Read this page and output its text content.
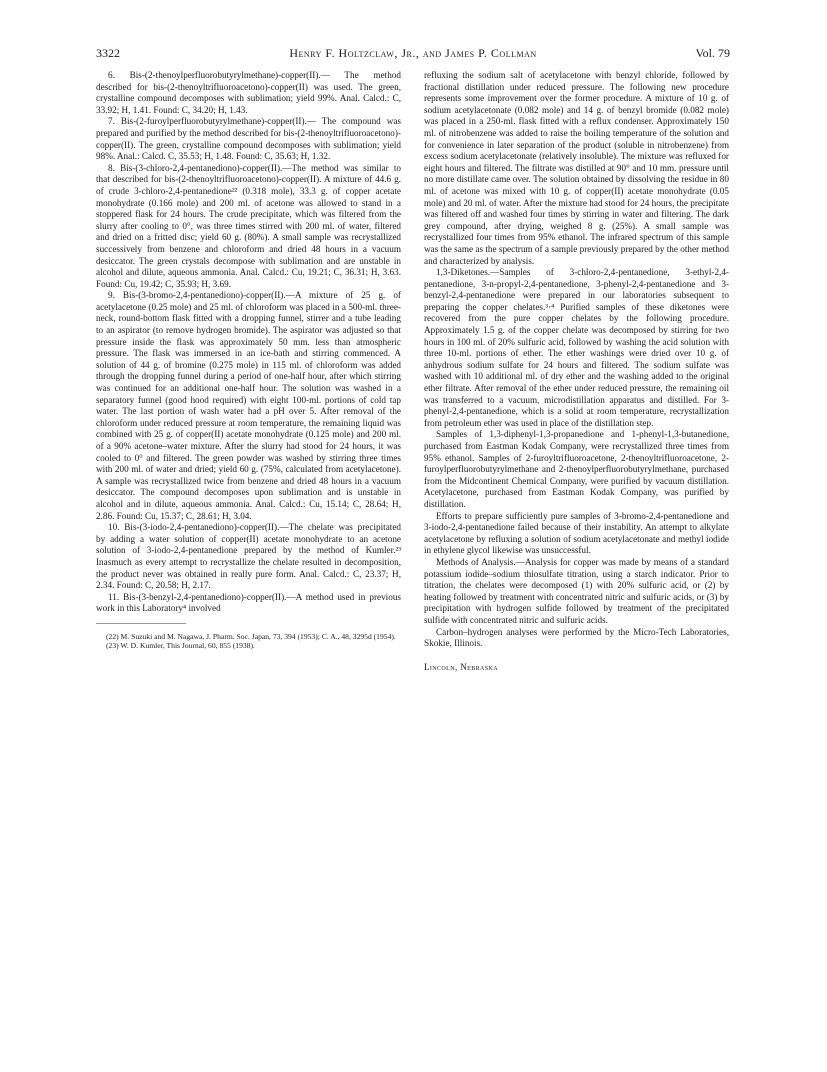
3322	Henry F. Holtzclaw, Jr., and James P. Collman	Vol. 79

6. Bis-(2-thenoylperfluorobutyrylmethane)-copper(II).— The method described for bis-(2-thenoyltrifluoroacetono)-copper(II) was used. The green, crystalline compound decomposes with sublimation; yield 99%. Anal. Calcd.: C, 33.92; H, 1.41. Found: C, 34.20; H, 1.43.

7. Bis-(2-furoylperfluorobutyrylmethane)-copper(II).— The compound was prepared and purified by the method described for bis-(2-thenoyltrifluoroacetono)-copper(II). The green, crystalline compound decomposes with sublimation; yield 98%. Anal.: Calcd. C, 35.53; H, 1.48. Found: C, 35.63; H, 1.32.

8. Bis-(3-chloro-2,4-pentanediono)-copper(II).—The method was similar to that described for bis-(2-thenoyltrifluoroacetono)-copper(II). A mixture of 44.6 g. of crude 3-chloro-2,4-pentanedione²² (0.318 mole), 33.3 g. of copper acetate monohydrate (0.166 mole) and 200 ml. of acetone was allowed to stand in a stoppered flask for 24 hours. The crude precipitate, which was filtered from the slurry after cooling to 0°, was three times stirred with 200 ml. of water, filtered and dried on a fritted disc; yield 60 g. (80%). A small sample was recrystallized successively from benzene and chloroform and dried 48 hours in a vacuum desiccator. The green crystals decompose with sublimation and are unstable in alcohol and dilute, aqueous ammonia. Anal. Calcd.: Cu, 19.21; C, 36.31; H, 3.63. Found: Cu, 19.42; C, 35.93; H, 3.69.

9. Bis-(3-bromo-2,4-pentanediono)-copper(II).—A mixture of 25 g. of acetylacetone (0.25 mole) and 25 ml. of chloroform was placed in a 500-ml. three-neck, round-bottom flask fitted with a dropping funnel, stirrer and a tube leading to an aspirator (to remove hydrogen bromide). The aspirator was adjusted so that pressure inside the flask was approximately 50 mm. less than atmospheric pressure. The flask was immersed in an ice-bath and stirring commenced. A solution of 44 g. of bromine (0.275 mole) in 115 ml. of chloroform was added through the dropping funnel during a period of one-half hour, after which stirring was continued for an additional one-half hour. The solution was washed in a separatory funnel (good hood required) with eight 100-ml. portions of cold tap water. The last portion of wash water had a pH over 5. After removal of the chloroform under reduced pressure at room temperature, the remaining liquid was combined with 25 g. of copper(II) acetate monohydrate (0.125 mole) and 200 ml. of a 90% acetone–water mixture. After the slurry had stood for 24 hours, it was cooled to 0° and filtered. The green powder was washed by stirring three times with 200 ml. of water and dried; yield 60 g. (75%, calculated from acetylacetone). A sample was recrystallized twice from benzene and dried 48 hours in a vacuum desiccator. The compound decomposes upon sublimation and is unstable in alcohol and in dilute, aqueous ammonia. Anal. Calcd.: Cu, 15.14; C, 28.64; H, 2.86. Found: Cu, 15.37; C, 28.61; H, 3.04.

10. Bis-(3-iodo-2,4-pentanediono)-copper(II).—The chelate was precipitated by adding a water solution of copper(II) acetate monohydrate to an acetone solution of 3-iodo-2,4-pentanedione prepared by the method of Kumler.²³ Inasmuch as every attempt to recrystallize the chelate resulted in decomposition, the product never was obtained in really pure form. Anal. Calcd.: C, 23.37; H, 2.34. Found: C, 20.58; H, 2.17.

11. Bis-(3-benzyl-2,4-pentanediono)-copper(II).—A method used in previous work in this Laboratory⁴ involved

(22) M. Suzuki and M. Nagawa, J. Pharm. Soc. Japan, 73, 394 (1953); C. A., 48, 3295d (1954).

(23) W. D. Kumler, This Journal, 60, 855 (1938).

refluxing the sodium salt of acetylacetone with benzyl chloride, followed by fractional distillation under reduced pressure. The following new procedure represents some improvement over the former procedure. A mixture of 10 g. of sodium acetylacetonate (0.082 mole) and 14 g. of benzyl bromide (0.082 mole) was placed in a 250-ml. flask fitted with a reflux condenser. Approximately 150 ml. of nitrobenzene was added to raise the boiling temperature of the solution and for convenience in later separation of the product (soluble in nitrobenzene) from excess sodium acetylacetonate (relatively insoluble). The mixture was refluxed for eight hours and filtered. The filtrate was distilled at 90° and 10 mm. pressure until no more distillate came over. The solution obtained by dissolving the residue in 80 ml. of acetone was mixed with 10 g. of copper(II) acetate monohydrate (0.05 mole) and 20 ml. of water. After the mixture had stood for 24 hours, the precipitate was filtered off and washed four times by stirring in water and filtering. The dark grey compound, after drying, weighed 8 g. (25%). A small sample was recrystallized four times from 95% ethanol. The infrared spectrum of this sample was the same as the spectrum of a sample previously prepared by the other method and characterized by analysis.

1,3-Diketones.—Samples of 3-chloro-2,4-pentanedione, 3-ethyl-2,4-pentanedione, 3-n-propyl-2,4-pentanedione, 3-phenyl-2,4-pentanedione and 3-benzyl-2,4-pentanedione were prepared in our laboratories subsequent to preparing the copper chelates.³·⁴ Purified samples of these diketones were recovered from the pure copper chelates by the following procedure. Approximately 1.5 g. of the copper chelate was decomposed by stirring for two hours in 100 ml. of 20% sulfuric acid, followed by washing the acid solution with three 10-ml. portions of ether. The ether washings were dried over 10 g. of anhydrous sodium sulfate for 24 hours and filtered. The sodium sulfate was washed with 10 additional ml. of dry ether and the washing added to the original ether filtrate. After removal of the ether under reduced pressure, the remaining oil was transferred to a vacuum, microdistillation apparatus and distilled. For 3-phenyl-2,4-pentanedione, which is a solid at room temperature, recrystallization from petroleum ether was used in place of the distillation step.

Samples of 1,3-diphenyl-1,3-propanedione and 1-phenyl-1,3-butanedione, purchased from Eastman Kodak Company, were recrystallized three times from 95% ethanol. Samples of 2-furoyltrifluoroacetone, 2-thenoyltrifluoroacetone, 2-furoylperfluorobutyrylmethane and 2-thenoylperfluorobutyrylmethane, purchased from the Midcontinent Chemical Company, were purified by vacuum distillation. Acetylacetone, purchased from Eastman Kodak Company, was purified by distillation.

Efforts to prepare sufficiently pure samples of 3-bromo-2,4-pentanedione and 3-iodo-2,4-pentanedione failed because of their instability. An attempt to alkylate acetylacetone by refluxing a solution of sodium acetylacetonate and methyl iodide in ethylene glycol likewise was unsuccessful.

Methods of Analysis.—Analysis for copper was made by means of a standard potassium iodide–sodium thiosulfate titration, using a starch indicator. Prior to titration, the chelates were decomposed (1) with 20% sulfuric acid, or (2) by heating followed by treatment with concentrated nitric and sulfuric acids, or (3) by precipitation with hydrogen sulfide followed by treatment of the precipitated sulfide with concentrated nitric and sulfuric acids.

Carbon–hydrogen analyses were performed by the Micro-Tech Laboratories, Skokie, Illinois.

Lincoln, Nebraska
